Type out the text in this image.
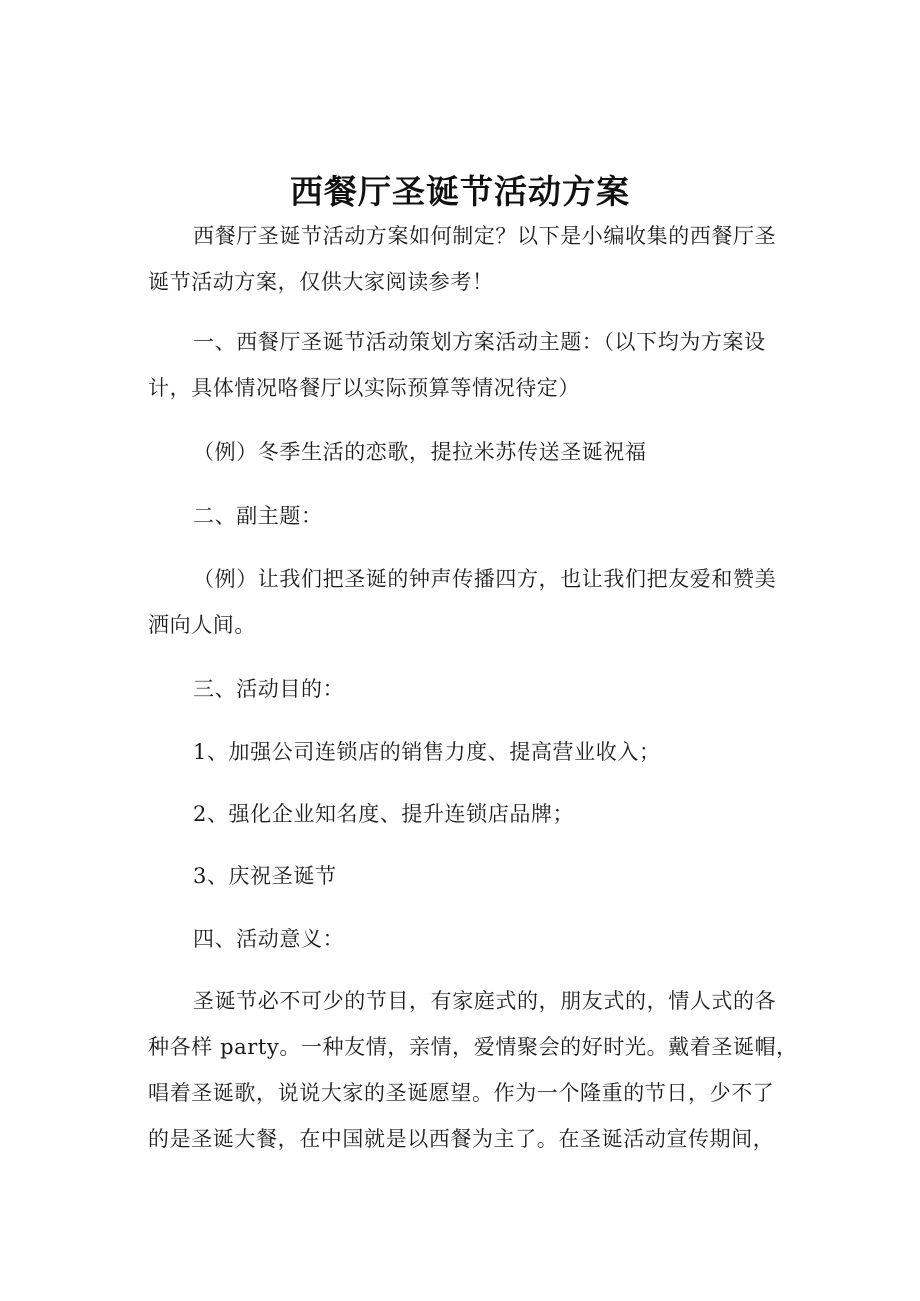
西餐厅圣诞节活动方案

西餐厅圣诞节活动方案如何制定？以下是小编收集的西餐厅圣
诞节活动方案，仅供大家阅读参考！

一、西餐厅圣诞节活动策划方案活动主题：（以下均为方案设
计，具体情况咯餐厅以实际预算等情况待定）

（例）冬季生活的恋歌，提拉米苏传送圣诞祝福

二、副主题：

（例）让我们把圣诞的钟声传播四方，也让我们把友爱和赞美
洒向人间。

三、活动目的：

1、加强公司连锁店的销售力度、提高营业收入；

2、强化企业知名度、提升连锁店品牌；

3、庆祝圣诞节

四、活动意义：

圣诞节必不可少的节目，有家庭式的，朋友式的，情人式的各
种各样 party。一种友情，亲情，爱情聚会的好时光。戴着圣诞帽，
唱着圣诞歌，说说大家的圣诞愿望。作为一个隆重的节日，少不了
的是圣诞大餐，在中国就是以西餐为主了。在圣诞活动宣传期间，
